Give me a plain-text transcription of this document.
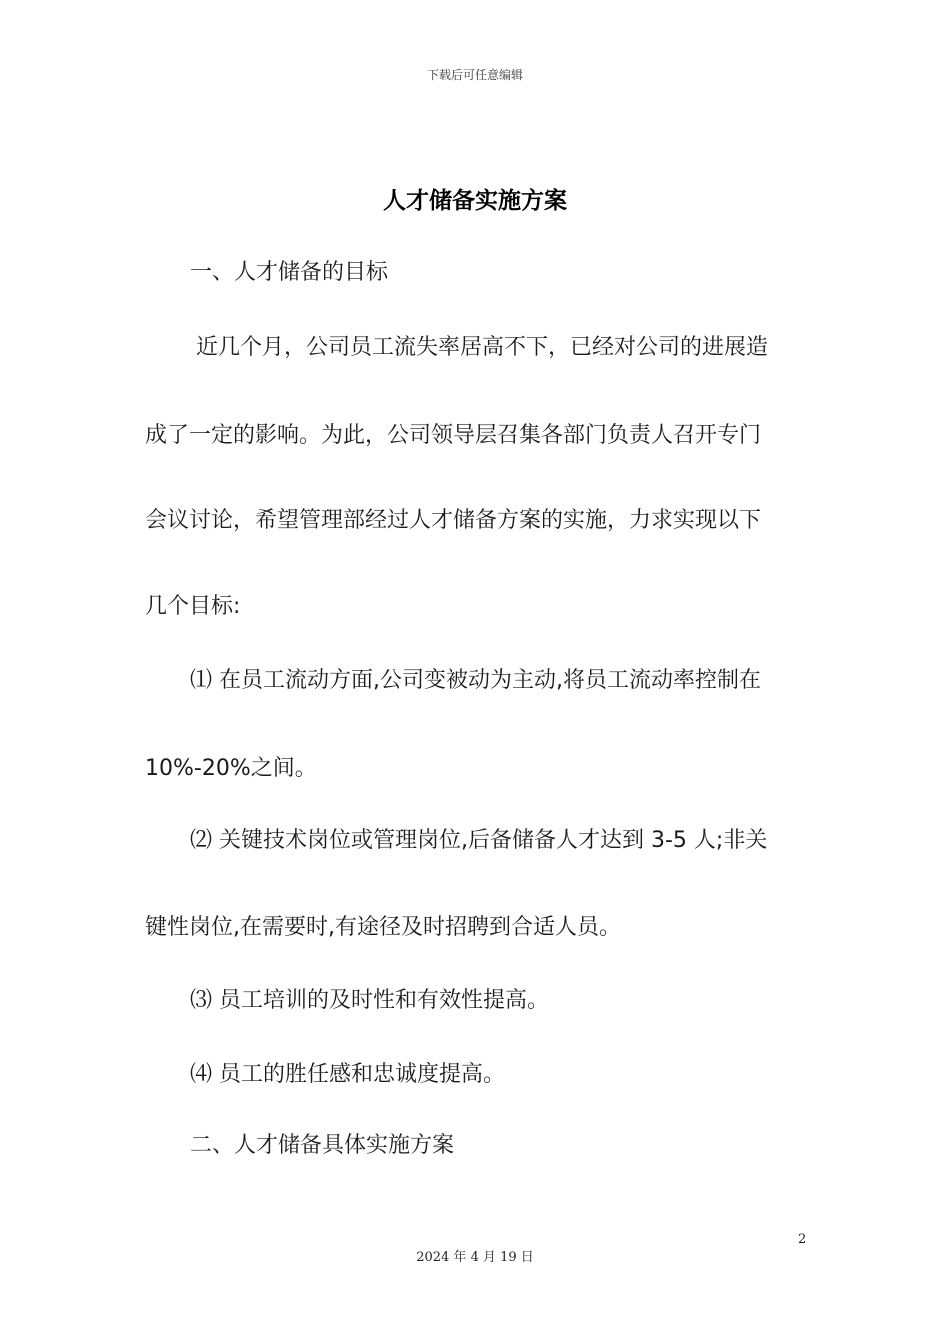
下载后可任意编辑
人才储备实施方案
一、人才储备的目标
近几个月，公司员工流失率居高不下，已经对公司的进展造
成了一定的影响。为此，公司领导层召集各部门负责人召开专门
会议讨论，希望管理部经过人才储备方案的实施，力求实现以下
几个目标:
⑴ 在员工流动方面,公司变被动为主动,将员工流动率控制在
10%-20%之间。
⑵ 关键技术岗位或管理岗位,后备储备人才达到 3-5 人;非关
键性岗位,在需要时,有途径及时招聘到合适人员。
⑶ 员工培训的及时性和有效性提高。
⑷ 员工的胜任感和忠诚度提高。
二、人才储备具体实施方案
2
2024 年 4 月 19 日
